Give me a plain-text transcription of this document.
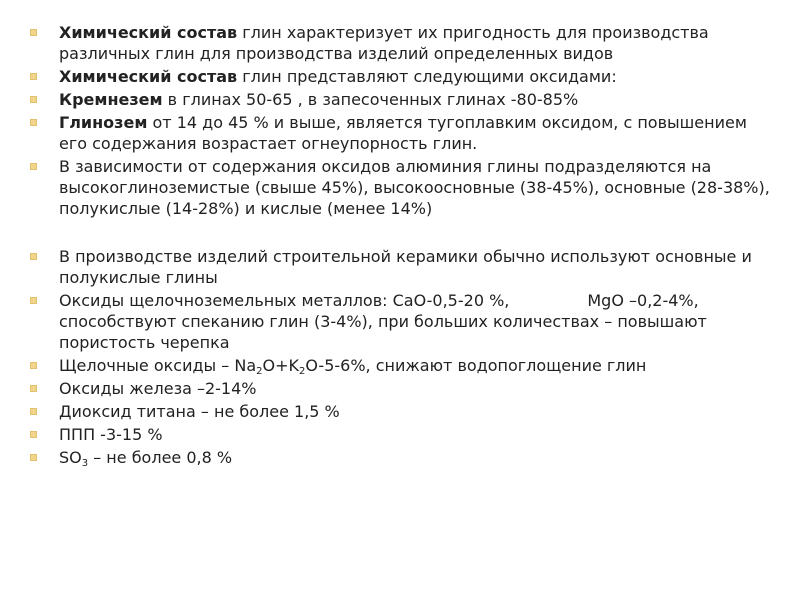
Химический состав глин характеризует их пригодность для производства различных глин для производства изделий определенных видов
Химический состав глин представляют следующими оксидами:
Кремнезем в глинах 50-65 , в запесоченных глинах -80-85%
Глинозем от 14 до 45 % и выше, является тугоплавким оксидом, с повышением его содержания возрастает огнеупорность глин.
В зависимости от содержания оксидов алюминия глины подразделяются на высокоглиноземистые (свыше 45%), высокоосновные (38-45%), основные (28-38%), полукислые (14-28%) и кислые (менее 14%)
В производстве изделий строительной керамики обычно используют основные и полукислые глины
Оксиды щелочноземельных металлов: CaO-0,5-20 %,	MgO –0,2-4%, способствуют спеканию глин (3-4%), при больших количествах – повышают пористость черепка
Щелочные оксиды – $Na_2O+K_2O-5-6\%$, снижают водопоглощение глин
Оксиды железа –2-14%
Диоксид титана – не более 1,5 %
ППП -3-15 %
$SO_3$ – не более 0,8 %
